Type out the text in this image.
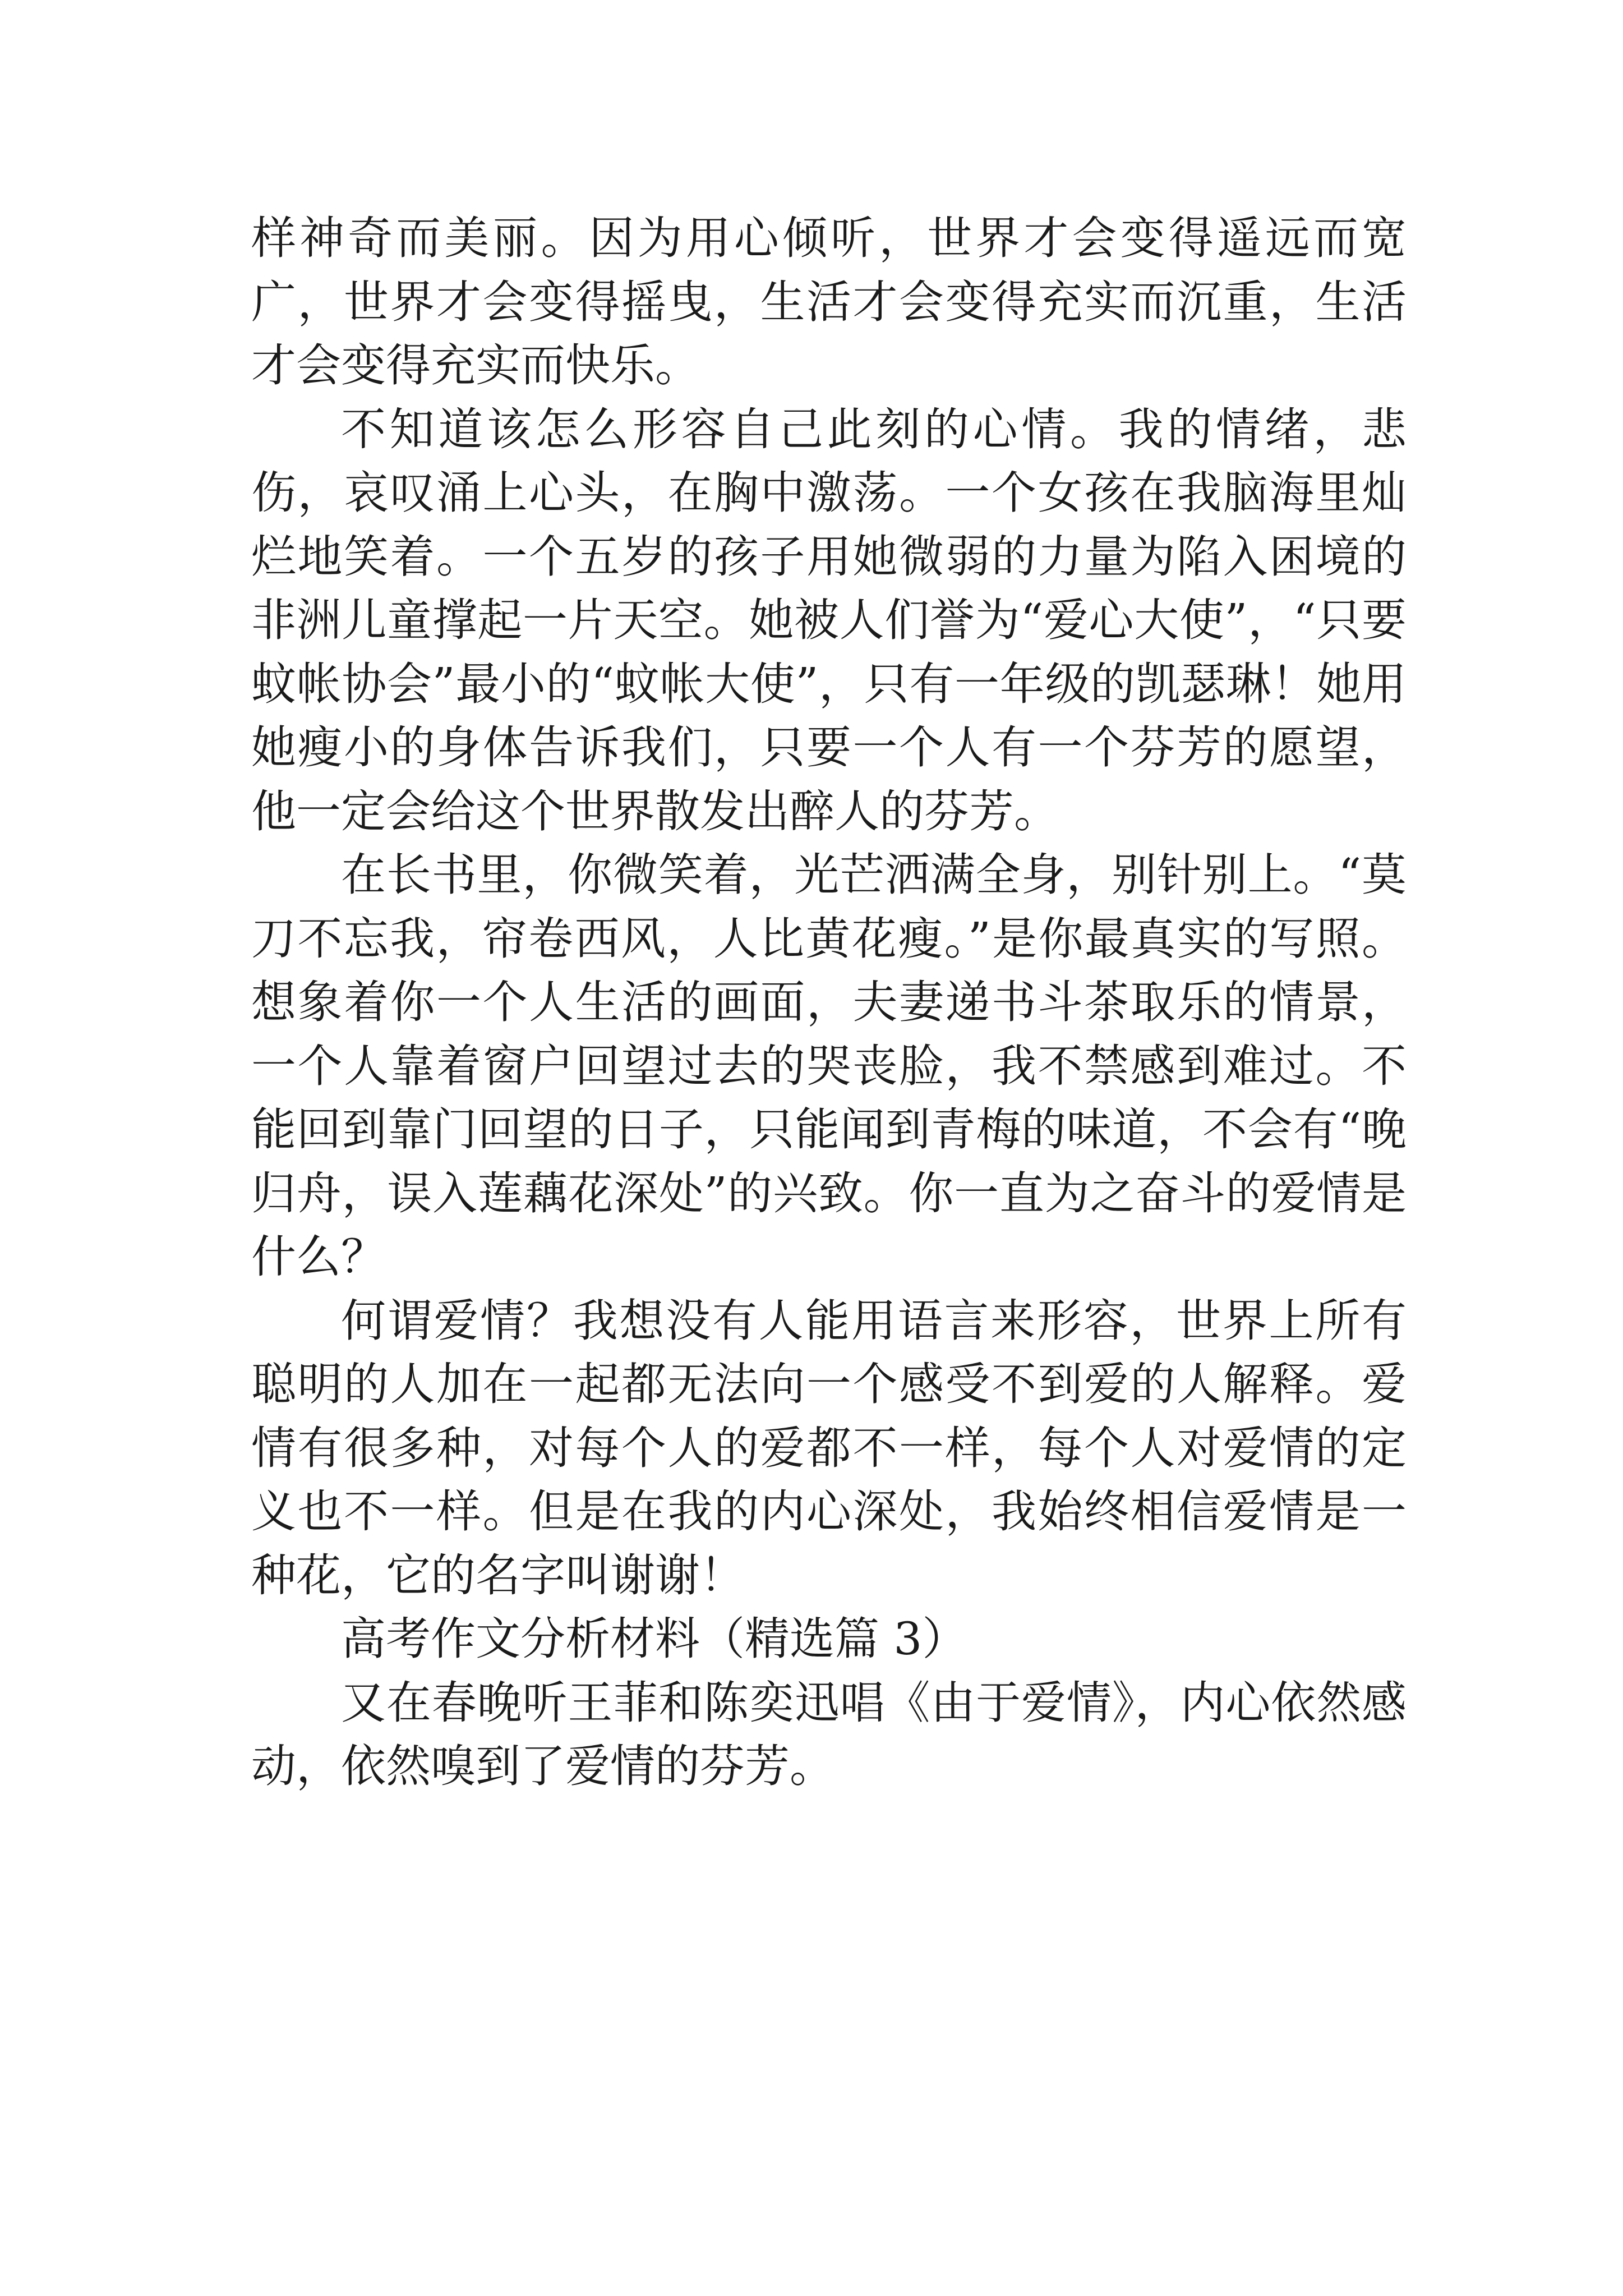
样神奇而美丽。因为用心倾听，世界才会变得遥远而宽广，世界才会变得摇曳，生活才会变得充实而沉重，生活才会变得充实而快乐。

不知道该怎么形容自己此刻的心情。我的情绪，悲伤，哀叹涌上心头，在胸中激荡。一个女孩在我脑海里灿烂地笑着。一个五岁的孩子用她微弱的力量为陷入困境的非洲儿童撑起一片天空。她被人们誉为“爱心大使”，“只要蚊帐协会”最小的“蚊帐大使”，只有一年级的凯瑟琳！她用她瘦小的身体告诉我们，只要一个人有一个芬芳的愿望，他一定会给这个世界散发出醉人的芬芳。

在长书里，你微笑着，光芒洒满全身，别针别上。“莫刀不忘我，帘卷西风，人比黄花瘦。”是你最真实的写照。想象着你一个人生活的画面，夫妻递书斗茶取乐的情景，一个人靠着窗户回望过去的哭丧脸，我不禁感到难过。不能回到靠门回望的日子，只能闻到青梅的味道，不会有“晚归舟，误入莲藕花深处”的兴致。你一直为之奋斗的爱情是什么？

何谓爱情？我想没有人能用语言来形容，世界上所有聪明的人加在一起都无法向一个感受不到爱的人解释。爱情有很多种，对每个人的爱都不一样，每个人对爱情的定义也不一样。但是在我的内心深处，我始终相信爱情是一种花，它的名字叫谢谢！

高考作文分析材料（精选篇 3）

又在春晚听王菲和陈奕迅唱《由于爱情》，内心依然感动，依然嗅到了爱情的芬芳。
